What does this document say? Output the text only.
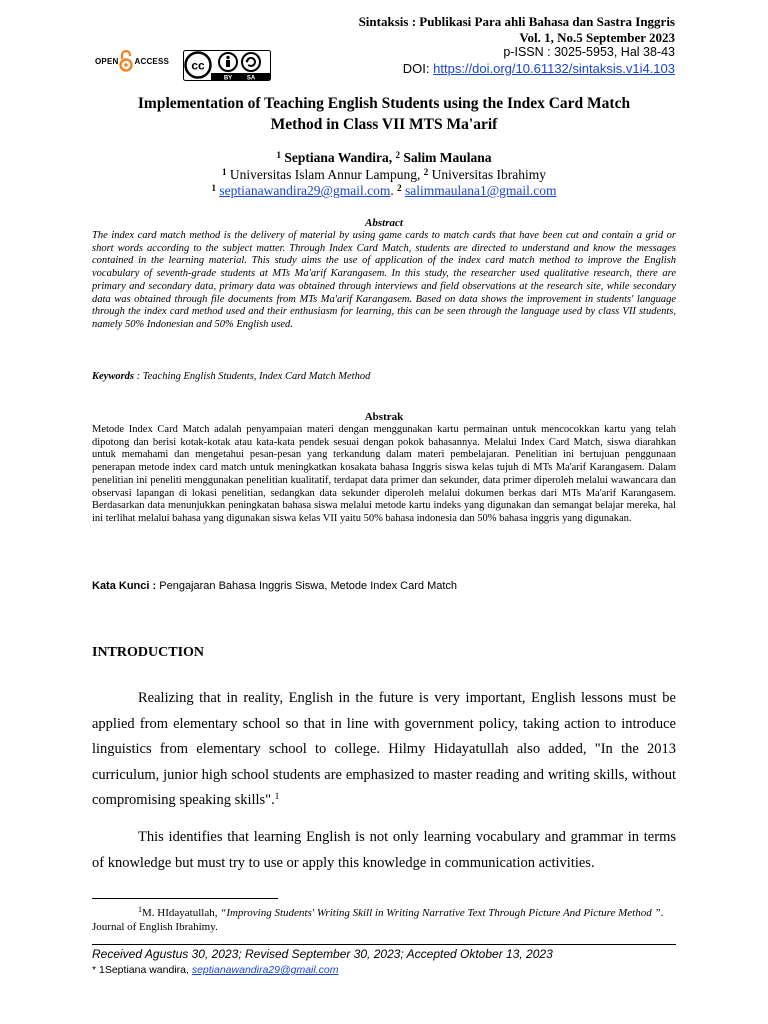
Sintaksis : Publikasi Para ahli Bahasa dan Sastra Inggris
Vol. 1, No.5 September 2023
p-ISSN : 3025-5953, Hal 38-43
DOI: https://doi.org/10.61132/sintaksis.v1i4.103
OPEN ACCESS cc
BY SA
Implementation of Teaching English Students using the Index Card Match
Method in Class VII MTS Ma'arif
$^1$ Septiana Wandira, $^2$ Salim Maulana
$^1$ Universitas Islam Annur Lampung, $^2$ Universitas Ibrahimy
$^1$ septianawandira29@gmail.com. $^2$ salimmaulana1@gmail.com
Abstract
The index card match method is the delivery of material by using game cards to match cards that have been cut and contain a grid or short words according to the subject matter. Through Index Card Match, students are directed to understand and know the messages contained in the learning material. This study aims the use of application of the index card match method to improve the English vocabulary of seventh-grade students at MTs Ma'arif Karangasem. In this study, the researcher used qualitative research, there are primary and secondary data, primary data was obtained through interviews and field observations at the research site, while secondary data was obtained through file documents from MTs Ma'arif Karangasem. Based on data shows the improvement in students' language through the index card method used and their enthusiasm for learning, this can be seen through the language used by class VII students, namely 50% Indonesian and 50% English used.
Keywords : Teaching English Students, Index Card Match Method
Abstrak
Metode Index Card Match adalah penyampaian materi dengan menggunakan kartu permainan untuk mencocokkan kartu yang telah dipotong dan berisi kotak-kotak atau kata-kata pendek sesuai dengan pokok bahasannya. Melalui Index Card Match, siswa diarahkan untuk memahami dan mengetahui pesan-pesan yang terkandung dalam materi pembelajaran. Penelitian ini bertujuan penggunaan penerapan metode index card match untuk meningkatkan kosakata bahasa Inggris siswa kelas tujuh di MTs Ma'arif Karangasem. Dalam penelitian ini peneliti menggunakan penelitian kualitatif, terdapat data primer dan sekunder, data primer diperoleh melalui wawancara dan observasi lapangan di lokasi penelitian, sedangkan data sekunder diperoleh melalui dokumen berkas dari MTs Ma'arif Karangasem. Berdasarkan data menunjukkan peningkatan bahasa siswa melalui metode kartu indeks yang digunakan dan semangat belajar mereka, hal ini terlihat melalui bahasa yang digunakan siswa kelas VII yaitu 50% bahasa indonesia dan 50% bahasa inggris yang digunakan.
Kata Kunci : Pengajaran Bahasa Inggris Siswa, Metode Index Card Match
INTRODUCTION

Realizing that in reality, English in the future is very important, English lessons must be applied from elementary school so that in line with government policy, taking action to introduce linguistics from elementary school to college. Hilmy Hidayatullah also added, "In the 2013 curriculum, junior high school students are emphasized to master reading and writing skills, without compromising speaking skills".$^1$

This identifies that learning English is not only learning vocabulary and grammar in terms of knowledge but must try to use or apply this knowledge in communication activities.

$^1$M. HIdayatullah, “Improving Students' Writing Skill in Writing Narrative Text Through Picture And Picture Method ”. Journal of English Ibrahimy.
Received Agustus 30, 2023; Revised September 30, 2023; Accepted Oktober 13, 2023
* 1Septiana wandira, septianawandira29@gmail.com
